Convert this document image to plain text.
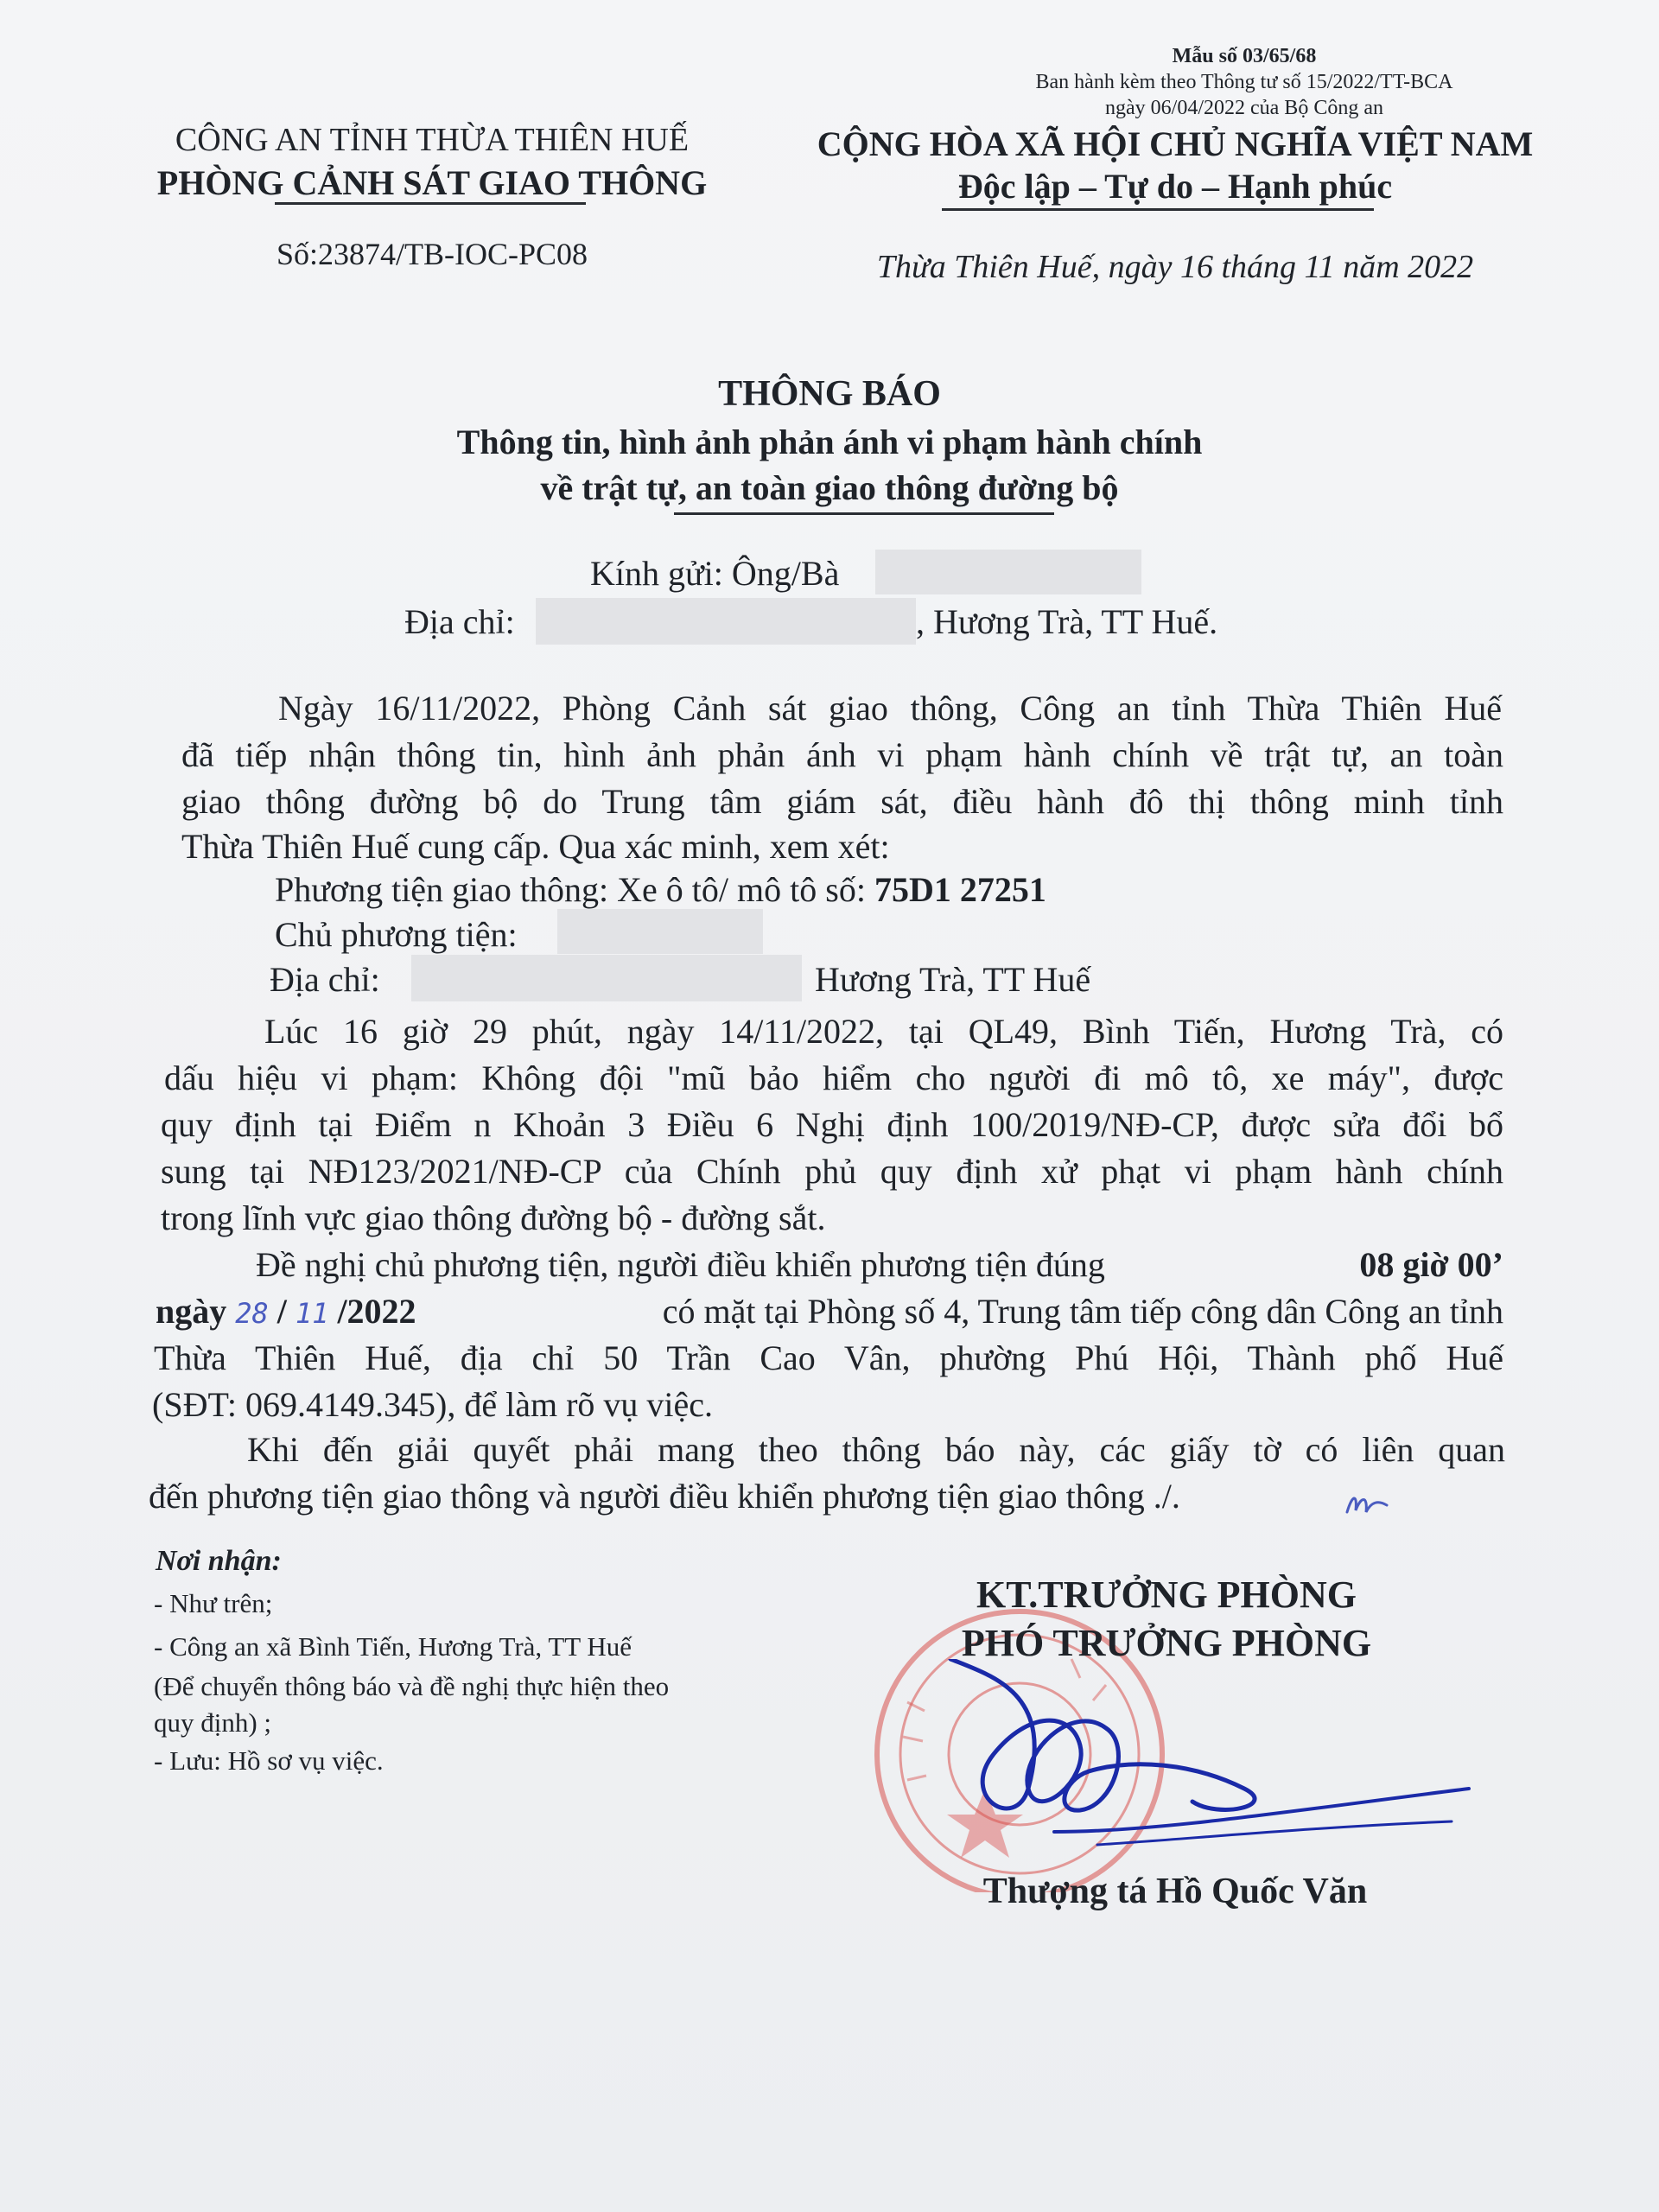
Mẫu số 03/65/68
Ban hành kèm theo Thông tư số 15/2022/TT-BCA
ngày 06/04/2022 của Bộ Công an
CÔNG AN TỈNH THỪA THIÊN HUẾ
PHÒNG CẢNH SÁT GIAO THÔNG
Số:23874/TB-IOC-PC08
CỘNG HÒA XÃ HỘI CHỦ NGHĨA VIỆT NAM
Độc lập – Tự do – Hạnh phúc
Thừa Thiên Huế, ngày 16 tháng 11 năm 2022
THÔNG BÁO
Thông tin, hình ảnh phản ánh vi phạm hành chính
về trật tự, an toàn giao thông đường bộ
Kính gửi: Ông/Bà
Địa chỉ:	, Hương Trà, TT Huế.
Ngày 16/11/2022, Phòng Cảnh sát giao thông, Công an tỉnh Thừa Thiên Huế
đã tiếp nhận thông tin, hình ảnh phản ánh vi phạm hành chính về trật tự, an toàn
giao thông đường bộ do Trung tâm giám sát, điều hành đô thị thông minh tỉnh
Thừa Thiên Huế cung cấp. Qua xác minh, xem xét:
Phương tiện giao thông: Xe ô tô/ mô tô số: 75D1 27251
Chủ phương tiện:
Địa chỉ:	Hương Trà, TT Huế
Lúc 16 giờ 29 phút, ngày 14/11/2022, tại QL49, Bình Tiến, Hương Trà, có
dấu hiệu vi phạm: Không đội "mũ bảo hiểm cho người đi mô tô, xe máy", được
quy định tại Điểm n Khoản 3 Điều 6 Nghị định 100/2019/NĐ-CP, được sửa đổi bổ
sung tại NĐ123/2021/NĐ-CP của Chính phủ quy định xử phạt vi phạm hành chính
trong lĩnh vực giao thông đường bộ - đường sắt.
Đề nghị chủ phương tiện, người điều khiển phương tiện đúng	08 giờ 00’
ngày 28 / 11 /2022	có mặt tại Phòng số 4, Trung tâm tiếp công dân Công an tỉnh
Thừa Thiên Huế, địa chỉ 50 Trần Cao Vân, phường Phú Hội, Thành phố Huế
(SĐT: 069.4149.345), để làm rõ vụ việc.
Khi đến giải quyết phải mang theo thông báo này, các giấy tờ có liên quan
đến phương tiện giao thông và người điều khiển phương tiện giao thông ./.
Nơi nhận:
- Như trên;
- Công an xã Bình Tiến, Hương Trà, TT Huế
(Để chuyển thông báo và đề nghị thực hiện theo
quy định) ;
- Lưu: Hồ sơ vụ việc.
KT.TRƯỞNG PHÒNG
PHÓ TRƯỞNG PHÒNG
Thượng tá Hồ Quốc Văn
